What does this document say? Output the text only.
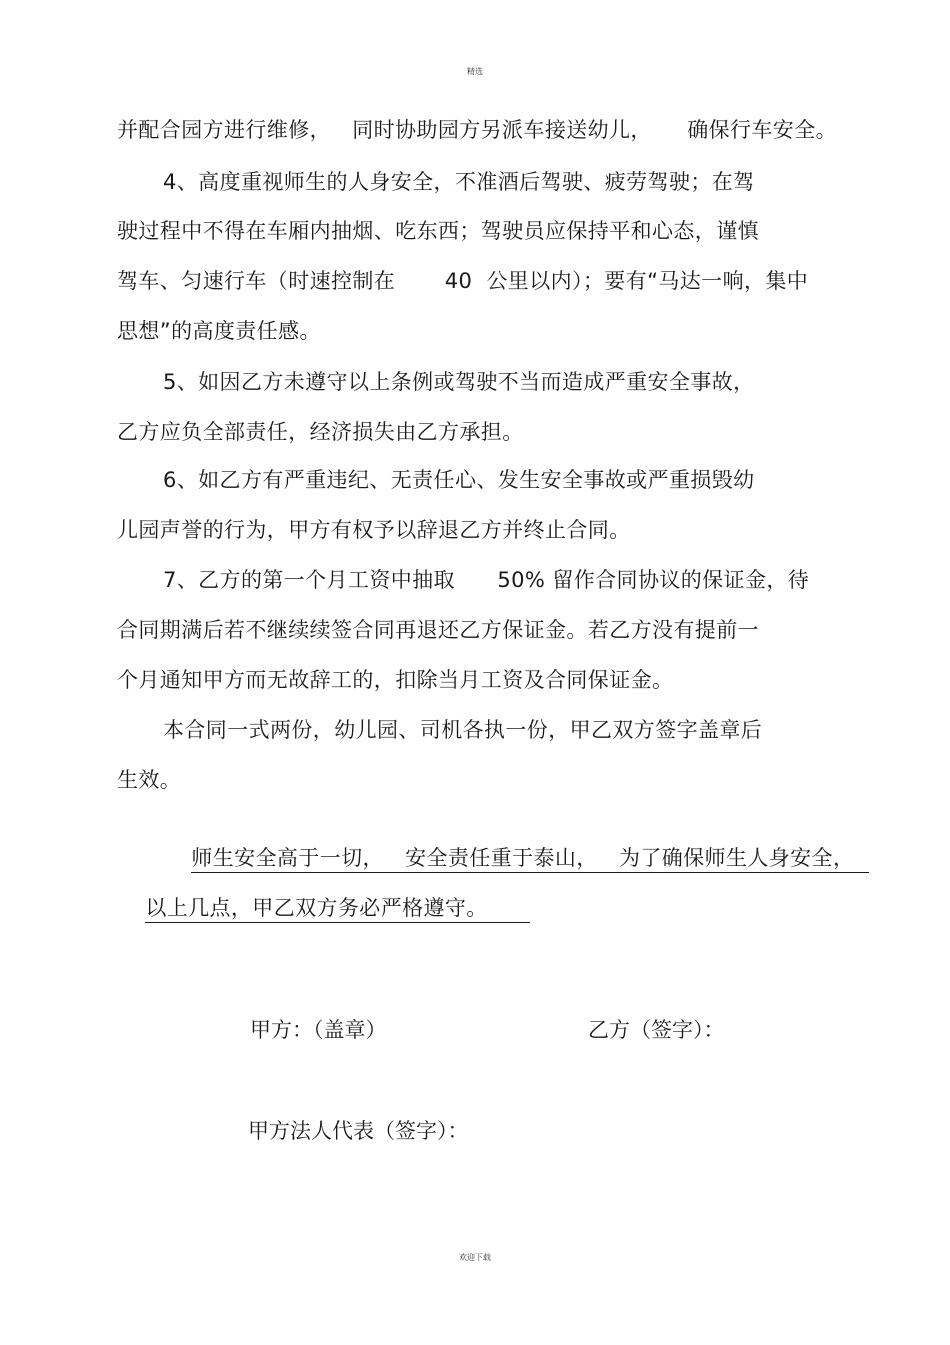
精选
并配合园方进行维修，   同时协助园方另派车接送幼儿，     确保行车安全。
4、高度重视师生的人身安全，不准酒后驾驶、疲劳驾驶；在驾
驶过程中不得在车厢内抽烟、吃东西；驾驶员应保持平和心态，谨慎
驾车、匀速行车（时速控制在       40  公里以内）；要有“马达一响，集中
思想”的高度责任感。
5、如因乙方未遵守以上条例或驾驶不当而造成严重安全事故，
乙方应负全部责任，经济损失由乙方承担。
6、如乙方有严重违纪、无责任心、发生安全事故或严重损毁幼
儿园声誉的行为，甲方有权予以辞退乙方并终止合同。
7、乙方的第一个月工资中抽取      50% 留作合同协议的保证金，待
合同期满后若不继续续签合同再退还乙方保证金。若乙方没有提前一
个月通知甲方而无故辞工的，扣除当月工资及合同保证金。
本合同一式两份，幼儿园、司机各执一份，甲乙双方签字盖章后
生效。

师生安全高于一切，   安全责任重于泰山，   为了确保师生人身安全，

以上几点，甲乙双方务必严格遵守。

甲方：（盖章）	乙方（签字）：
甲方法人代表（签字）：
欢迎下载
